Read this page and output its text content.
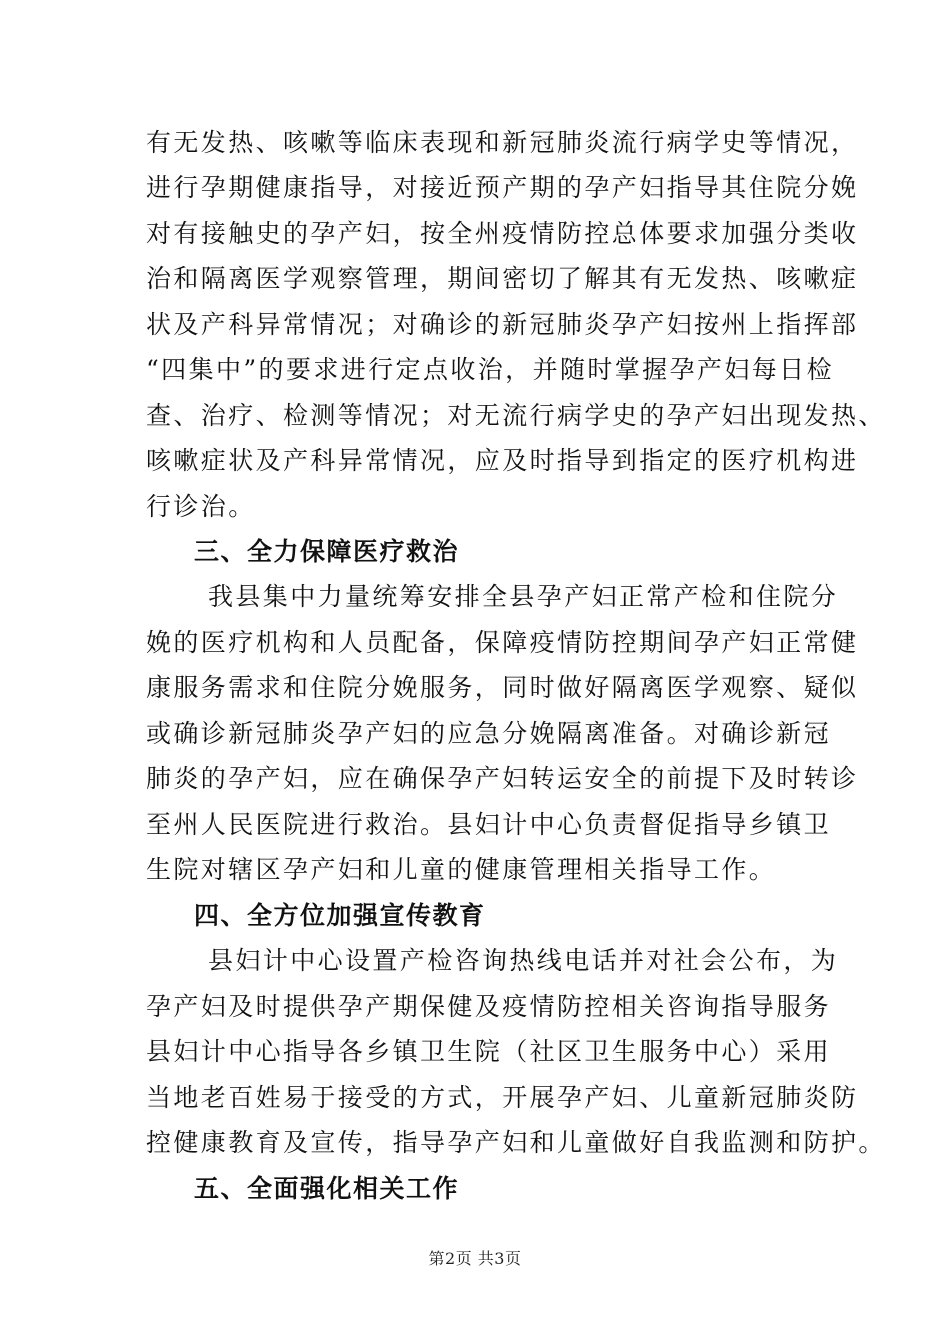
有无发热、咳嗽等临床表现和新冠肺炎流行病学史等情况，
进行孕期健康指导，对接近预产期的孕产妇指导其住院分娩
对有接触史的孕产妇，按全州疫情防控总体要求加强分类收
治和隔离医学观察管理，期间密切了解其有无发热、咳嗽症
状及产科异常情况；对确诊的新冠肺炎孕产妇按州上指挥部
“四集中”的要求进行定点收治，并随时掌握孕产妇每日检
查、治疗、检测等情况；对无流行病学史的孕产妇出现发热、
咳嗽症状及产科异常情况，应及时指导到指定的医疗机构进
行诊治。
三、全力保障医疗救治
我县集中力量统筹安排全县孕产妇正常产检和住院分
娩的医疗机构和人员配备，保障疫情防控期间孕产妇正常健
康服务需求和住院分娩服务，同时做好隔离医学观察、疑似
或确诊新冠肺炎孕产妇的应急分娩隔离准备。对确诊新冠
肺炎的孕产妇，应在确保孕产妇转运安全的前提下及时转诊
至州人民医院进行救治。县妇计中心负责督促指导乡镇卫
生院对辖区孕产妇和儿童的健康管理相关指导工作。
四、全方位加强宣传教育
县妇计中心设置产检咨询热线电话并对社会公布，为
孕产妇及时提供孕产期保健及疫情防控相关咨询指导服务
县妇计中心指导各乡镇卫生院（社区卫生服务中心）采用
当地老百姓易于接受的方式，开展孕产妇、儿童新冠肺炎防
控健康教育及宣传，指导孕产妇和儿童做好自我监测和防护。
五、全面强化相关工作
第2页 共3页
